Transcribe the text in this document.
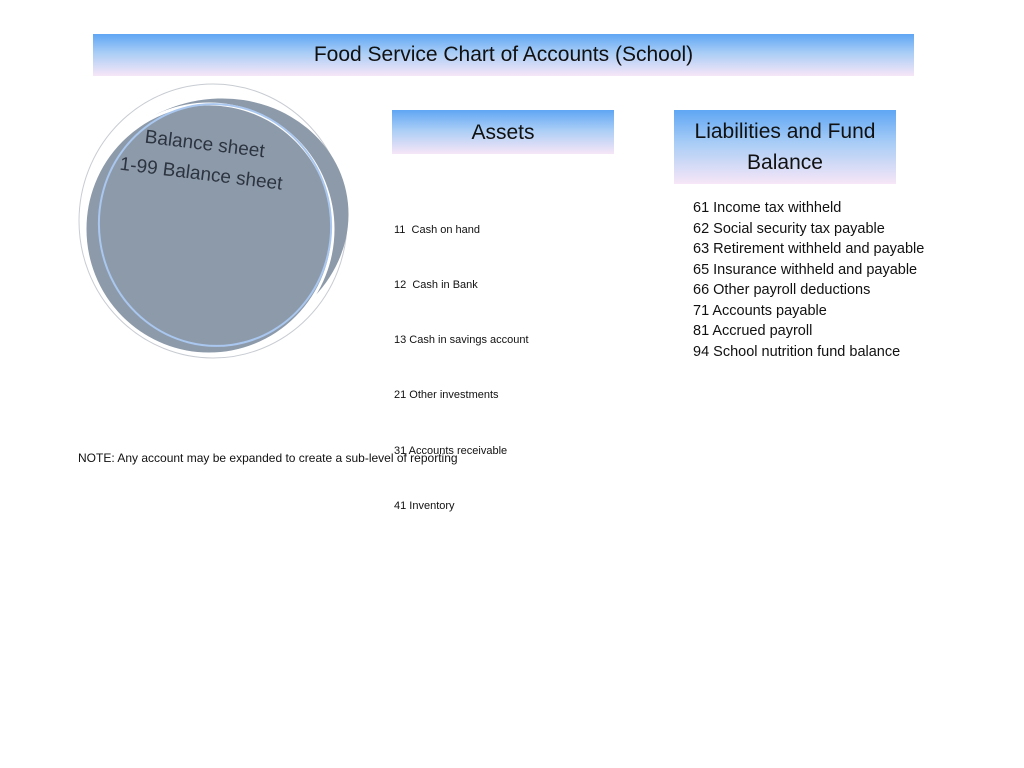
Food Service Chart of Accounts (School)
Balance sheet
1-99 Balance sheet
Assets

11  Cash on hand

12  Cash in Bank

13 Cash in savings account

21 Other investments

31 Accounts receivable

41 Inventory

Liabilities and Fund Balance
61 Income tax withheld
62 Social security tax payable
63 Retirement withheld and payable
65 Insurance withheld and payable
66 Other payroll deductions
71 Accounts payable
81 Accrued payroll
94 School nutrition fund balance
NOTE: Any account may be expanded to create a sub-level of reporting
